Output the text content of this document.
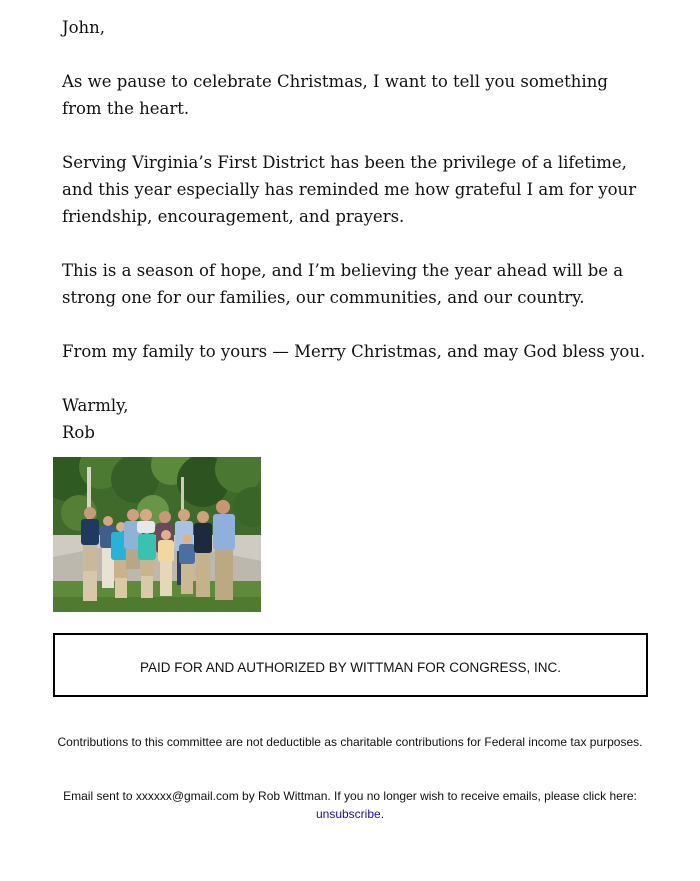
John,

As we pause to celebrate Christmas, I want to tell you something from the heart.

Serving Virginia’s First District has been the privilege of a lifetime, and this year especially has reminded me how grateful I am for your friendship, encouragement, and prayers.

This is a season of hope, and I’m believing the year ahead will be a strong one for our families, our communities, and our country.

From my family to yours — Merry Christmas, and may God bless you.

Warmly,
Rob

PAID FOR AND AUTHORIZED BY WITTMAN FOR CONGRESS, INC.
Contributions to this committee are not deductible as charitable contributions for Federal income tax purposes.
Email sent to xxxxxx@gmail.com by Rob Wittman. If you no longer wish to receive emails, please click here:
unsubscribe.
